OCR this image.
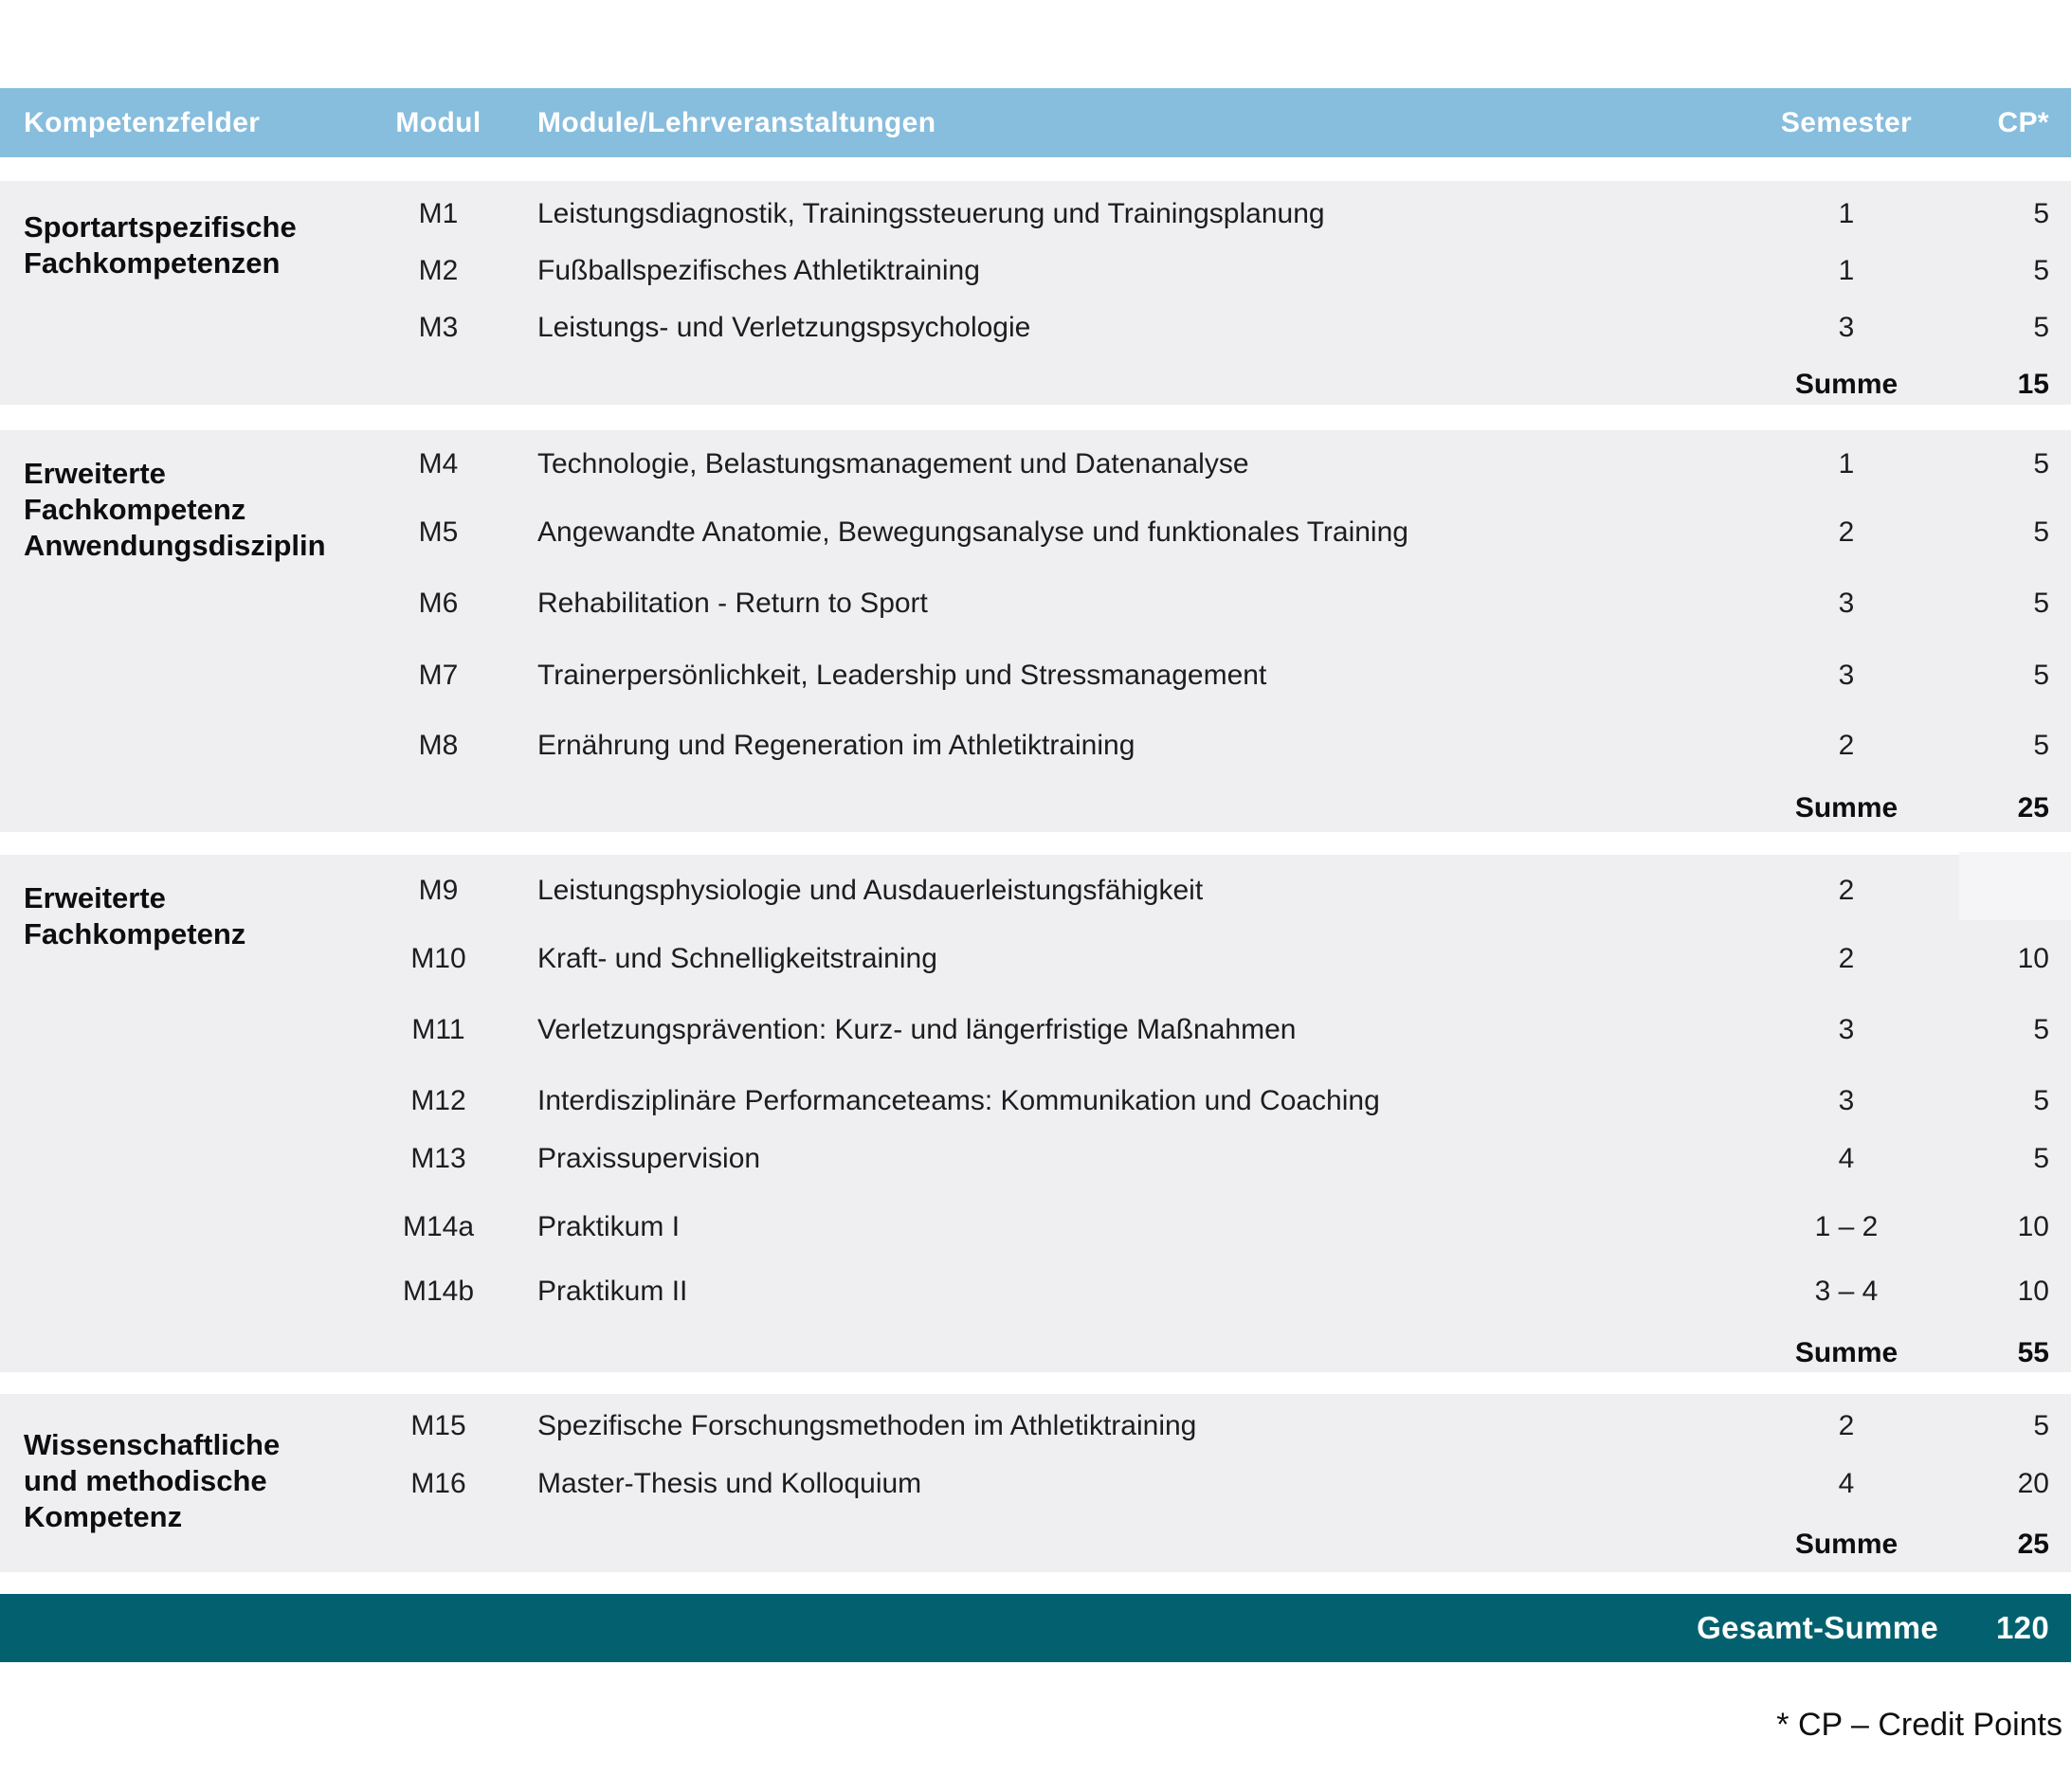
Kompetenzfelder	Modul	Module/Lehrveranstaltungen	Semester	CP*
Sportartspezifische
Fachkompetenzen
M1	Leistungsdiagnostik, Trainingssteuerung und Trainingsplanung	1	5
M2	Fußballspezifisches Athletiktraining	1	5
M3	Leistungs- und Verletzungspsychologie	3	5
Summe	15
Erweiterte
Fachkompetenz
Anwendungsdisziplin
M4	Technologie, Belastungsmanagement und Datenanalyse	1	5
M5	Angewandte Anatomie, Bewegungsanalyse und funktionales Training	2	5
M6	Rehabilitation - Return to Sport	3	5
M7	Trainerpersönlichkeit, Leadership und Stressmanagement	3	5
M8	Ernährung und Regeneration im Athletiktraining	2	5
Summe	25
Erweiterte
Fachkompetenz
M9	Leistungsphysiologie und Ausdauerleistungsfähigkeit	2
M10	Kraft- und Schnelligkeitstraining	2	10
M11	Verletzungsprävention: Kurz- und längerfristige Maßnahmen	3	5
M12	Interdisziplinäre Performanceteams: Kommunikation und Coaching	3	5
M13	Praxissupervision	4	5
M14a	Praktikum I	1 – 2	10
M14b	Praktikum II	3 – 4	10
Summe	55
Wissenschaftliche
und methodische
Kompetenz
M15	Spezifische Forschungsmethoden im Athletiktraining	2	5
M16	Master-Thesis und Kolloquium	4	20
Summe	25
Gesamt-Summe 120
* CP – Credit Points
